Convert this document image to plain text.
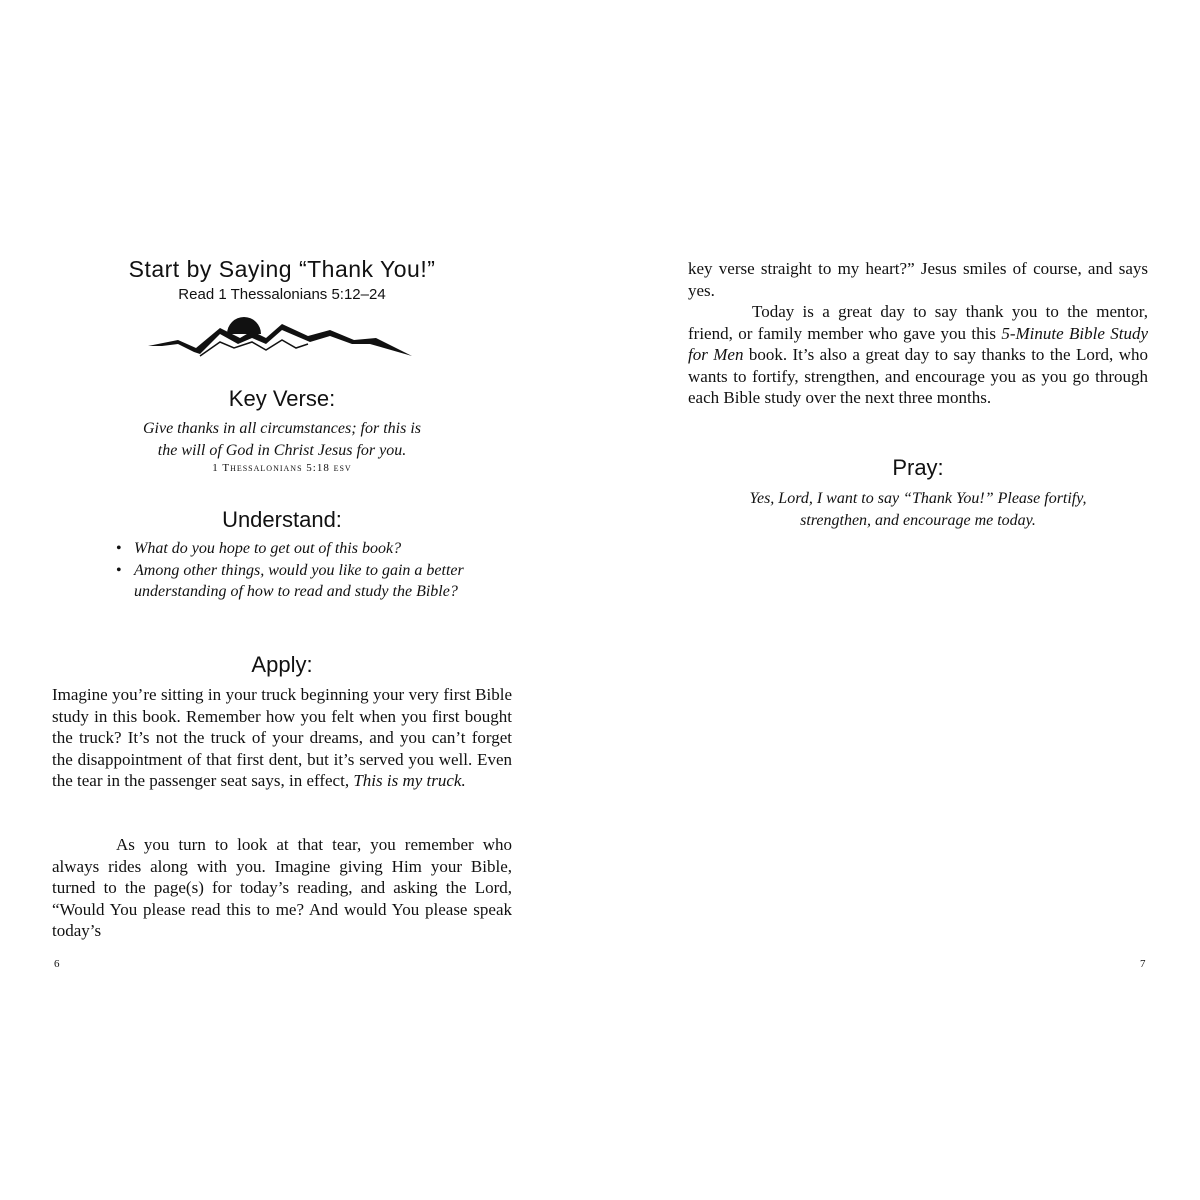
Start by Saying “Thank You!”
Read 1 Thessalonians 5:12–24
Key Verse:
Give thanks in all circumstances; for this is
the will of God in Christ Jesus for you.
1 Thessalonians 5:18 esv
Understand:
• What do you hope to get out of this book?
• Among other things, would you like to gain a better understanding of how to read and study the Bible?
Apply:

Imagine you’re sitting in your truck beginning your very first Bible study in this book. Remember how you felt when you first bought the truck? It’s not the truck of your dreams, and you can’t forget the disappointment of that first dent, but it’s served you well. Even the tear in the passenger seat says, in effect, This is my truck.

As you turn to look at that tear, you remember who always rides along with you. Imagine giving Him your Bible, turned to the page(s) for today’s reading, and asking the Lord, “Would You please read this to me? And would You please speak today’s

6

key verse straight to my heart?” Jesus smiles of course, and says yes.

Today is a great day to say thank you to the mentor, friend, or family member who gave you this 5-Minute Bible Study for Men book. It’s also a great day to say thanks to the Lord, who wants to fortify, strengthen, and encourage you as you go through each Bible study over the next three months.

Pray:
Yes, Lord, I want to say “Thank You!” Please fortify,
strengthen, and encourage me today.
7
